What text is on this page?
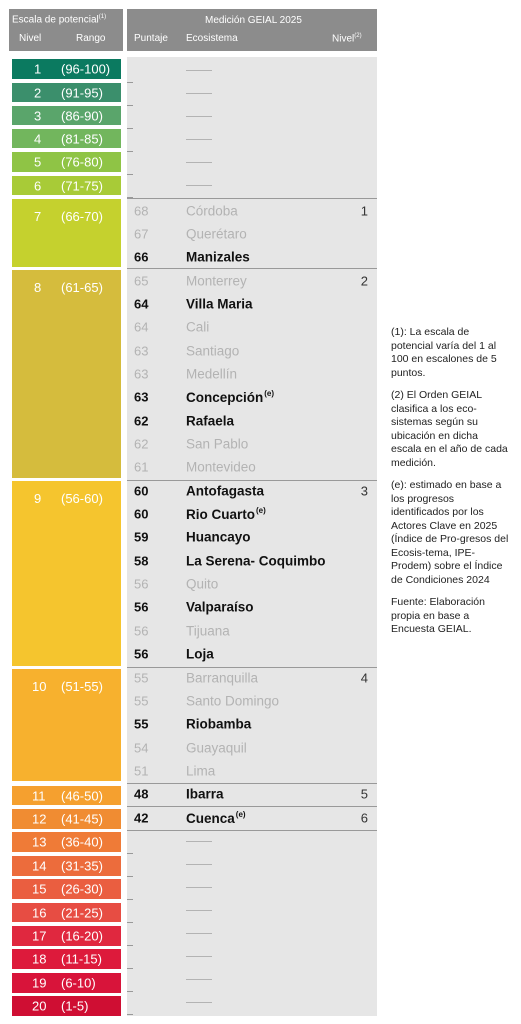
Escala de potencial$^{(1)}$
Nivel	Rango
Medición GEIAL 2025
Puntaje Ecosistema	Nivel$^{(2)}$
1 (96-100)
2 (91-95)
3 (86-90)
4 (81-85)
5 (76-80)
6 (71-75)
7 (66-70)
8 (61-65)
9 (56-60)
10 (51-55)
11 (46-50)
12 (41-45)
13 (36-40)
14 (31-35)
15 (26-30)
16 (21-25)
17 (16-20)
18 (11-15)
19 (6-10)
20 (1-5)
68	Córdoba	1
67	Querétaro
66	Manizales
65	Monterrey	2
64	Villa Maria
64	Cali
63	Santiago
63	Medellín
63	Concepción$^{(e)}$
62	Rafaela
62	San Pablo
61	Montevideo
60	Antofagasta	3
60	Rio Cuarto$^{(e)}$
59	Huancayo
58	La Serena- Coquimbo
56	Quito
56	Valparaíso
56	Tijuana
56	Loja
55	Barranquilla	4
55	Santo Domingo
55	Riobamba
54	Guayaquil
51	Lima
48	Ibarra	5
42	Cuenca$^{(e)}$	6

(1): La escala de potencial varía del 1 al 100 en escalones de 5 puntos.

(2) El Orden GEIAL clasifica a los eco-sistemas según su ubicación en dicha escala en el año de cada medición.

(e): estimado en base a los progresos identificados por los Actores Clave en 2025 (Índice de Pro-gresos del Ecosis-tema, IPE-Prodem) sobre el Índice de Condiciones 2024

Fuente: Elaboración propia en base a Encuesta GEIAL.
